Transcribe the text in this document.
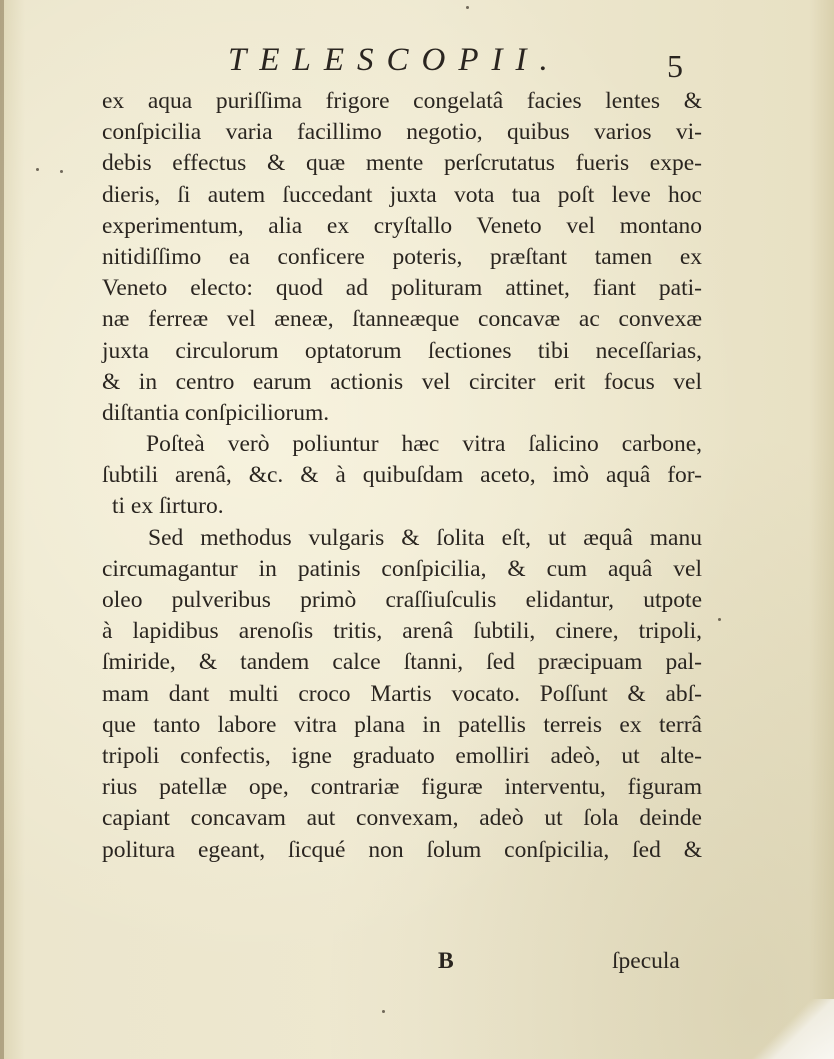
TELESCOPII.	5
ex aqua puriſſima frigore congelatâ facies lentes &
conſpicilia varia facillimo negotio, quibus varios vi-
debis effectus & quæ mente perſcrutatus fueris expe-
dieris, ſi autem ſuccedant juxta vota tua poſt leve hoc
experimentum, alia ex cryſtallo Veneto vel montano
nitidiſſimo ea conficere poteris, præſtant tamen ex
Veneto electo: quod ad polituram attinet, fiant pati-
næ ferreæ vel æneæ, ſtanneæque concavæ ac convexæ
juxta circulorum optatorum ſectiones tibi neceſſarias,
& in centro earum actionis vel circiter erit focus vel
diſtantia conſpiciliorum.
Poſteà verò poliuntur hæc vitra ſalicino carbone,
ſubtili arenâ, &c. & à quibuſdam aceto, imò aquâ for-
ti ex ſirturo.
Sed methodus vulgaris & ſolita eſt, ut æquâ manu
circumagantur in patinis conſpicilia, & cum aquâ vel
oleo pulveribus primò craſſiuſculis elidantur, utpote
à lapidibus arenoſis tritis, arenâ ſubtili, cinere, tripoli,
ſmiride, & tandem calce ſtanni, ſed præcipuam pal-
mam dant multi croco Martis vocato. Poſſunt & abſ-
que tanto labore vitra plana in patellis terreis ex terrâ
tripoli confectis, igne graduato emolliri adeò, ut alte-
rius patellæ ope, contrariæ figuræ interventu, figuram
capiant concavam aut convexam, adeò ut ſola deinde
politura egeant, ſicqué non ſolum conſpicilia, ſed &
B	ſpecula
